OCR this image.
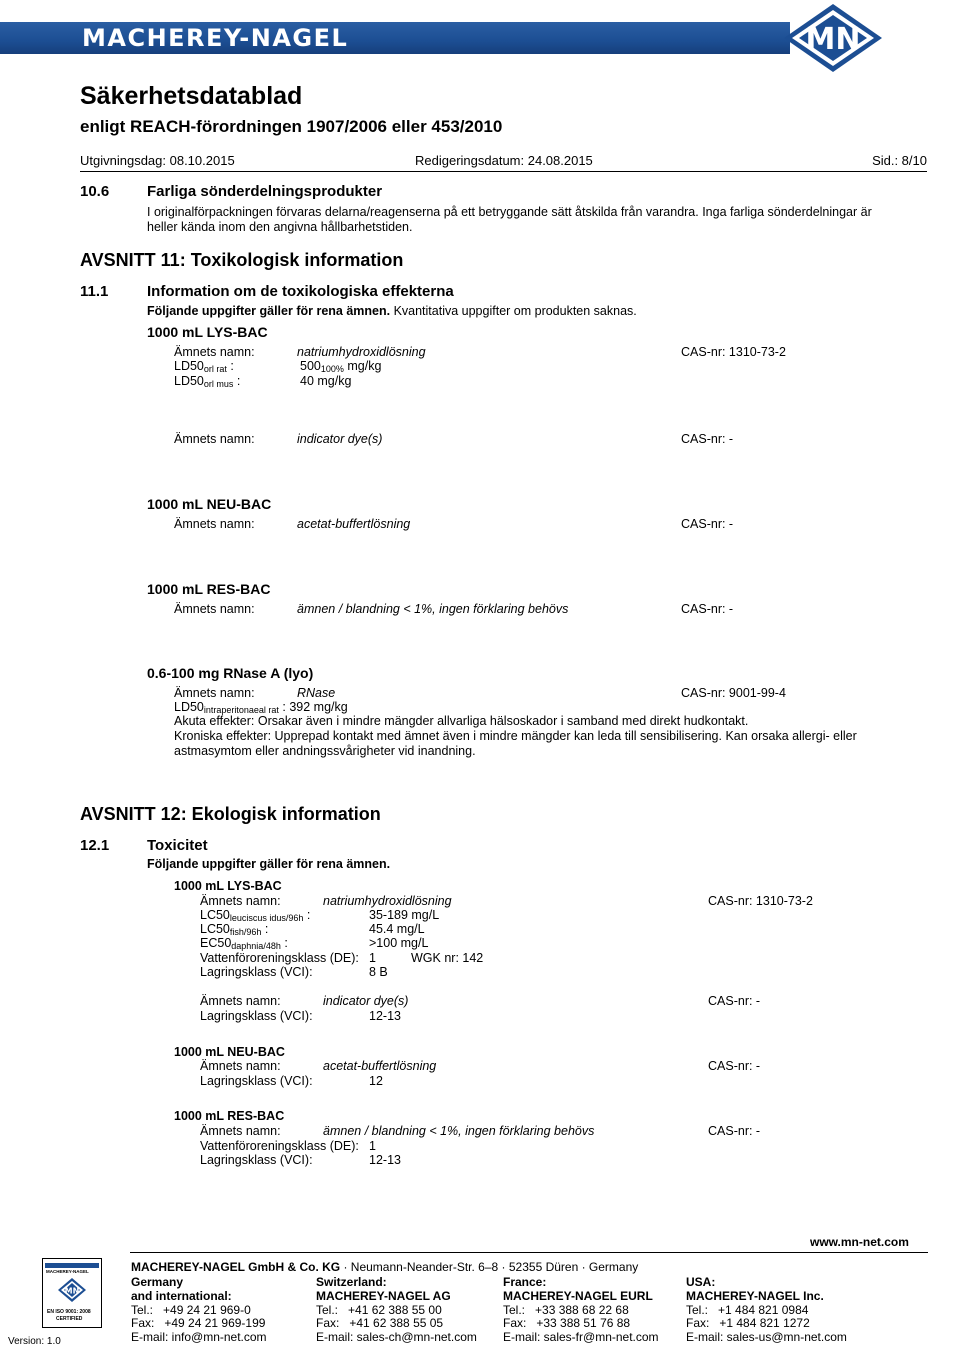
MACHEREY-NAGEL	MN
Säkerhetsdatablad
enligt REACH-förordningen 1907/2006 eller 453/2010
Utgivningsdag: 08.10.2015	Redigeringsdatum: 24.08.2015	Sid.: 8/10
10.6	Farliga sönderdelningsprodukter
I originalförpackningen förvaras delarna/reagenserna på ett betryggande sätt åtskilda från varandra. Inga farliga sönderdelningar är
heller kända inom den angivna hållbarhetstiden.
AVSNITT 11: Toxikologisk information
11.1	Information om de toxikologiska effekterna
Följande uppgifter gäller för rena ämnen. Kvantitativa uppgifter om produkten saknas.
1000 mL LYS-BAC
Ämnets namn:	natriumhydroxidlösning	CAS-nr: 1310-73-2
$LD50_{orl rat}$ :	$500_{100\%}$ mg/kg
$LD50_{orl mus}$ :	40 mg/kg
Ämnets namn:	indicator dye(s)	CAS-nr: -
1000 mL NEU-BAC
Ämnets namn:	acetat-buffertlösning	CAS-nr: -
1000 mL RES-BAC
Ämnets namn:	ämnen / blandning < 1%, ingen förklaring behövs	CAS-nr: -
0.6-100 mg RNase A (lyo)
Ämnets namn:	RNase	CAS-nr: 9001-99-4
$LD50_{intraperitonaeal rat}$ : 392 mg/kg
Akuta effekter: Orsakar även i mindre mängder allvarliga hälsoskador i samband med direkt hudkontakt.
Kroniska effekter: Upprepad kontakt med ämnet även i mindre mängder kan leda till sensibilisering. Kan orsaka allergi- eller
astmasymtom eller andningssvårigheter vid inandning.
AVSNITT 12: Ekologisk information
12.1	Toxicitet
Följande uppgifter gäller för rena ämnen.
1000 mL LYS-BAC
Ämnets namn:	natriumhydroxidlösning	CAS-nr: 1310-73-2
$LC50_{leuciscus idus/96h}$ :	35-189 mg/L
$LC50_{fish/96h}$ :	45.4 mg/L
$EC50_{daphnia/48h}$ :	>100 mg/L
Vattenföroreningsklass (DE): 1	WGK nr: 142
Lagringsklass (VCI):	8 B
Ämnets namn:	indicator dye(s)	CAS-nr: -
Lagringsklass (VCI):	12-13
1000 mL NEU-BAC
Ämnets namn:	acetat-buffertlösning	CAS-nr: -
Lagringsklass (VCI):	12
1000 mL RES-BAC
Ämnets namn:	ämnen / blandning < 1%, ingen förklaring behövs	CAS-nr: -
Vattenföroreningsklass (DE): 1
Lagringsklass (VCI):	12-13
www.mn-net.com
MACHEREY-NAGEL
MN
EN ISO 9001: 2008
CERTIFIED
Version: 1.0
MACHEREY-NAGEL GmbH & Co. KG · Neumann-Neander-Str. 6–8 · 52355 Düren · Germany
Germany
and international:
Tel.:   +49 24 21 969-0
Fax:   +49 24 21 969-199
E-mail: info@mn-net.com
Switzerland:
MACHEREY-NAGEL AG
Tel.:   +41 62 388 55 00
Fax:   +41 62 388 55 05
E-mail: sales-ch@mn-net.com
France:
MACHEREY-NAGEL EURL
Tel.:   +33 388 68 22 68
Fax:   +33 388 51 76 88
E-mail: sales-fr@mn-net.com
USA:
MACHEREY-NAGEL Inc.
Tel.:   +1 484 821 0984
Fax:   +1 484 821 1272
E-mail: sales-us@mn-net.com
